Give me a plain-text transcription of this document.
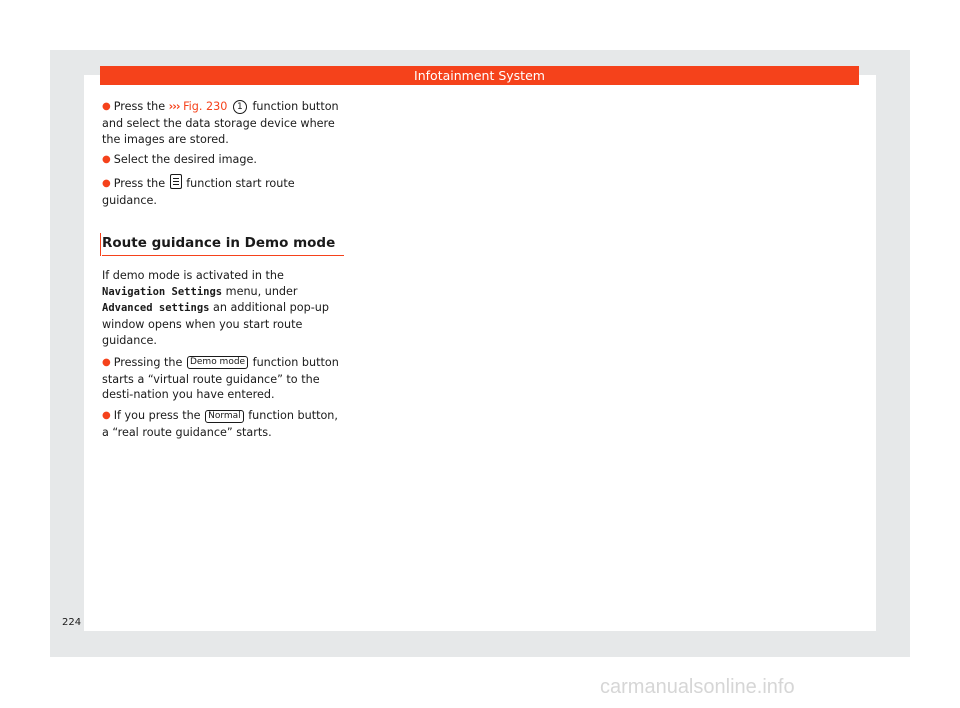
Infotainment System
● Press the ››› Fig. 230 1 function button and select the data storage device where the images are stored.
● Select the desired image.
● Press the
function start route guidance.
Route guidance in Demo mode
If demo mode is activated in the Navigation Settings menu, under Advanced settings an additional pop-up window opens when you start route guidance.
● Pressing the Demo mode function button starts a “virtual route guidance” to the desti-nation you have entered.
● If you press the Normal function button, a “real route guidance” starts.
224
carmanualsonline.info
